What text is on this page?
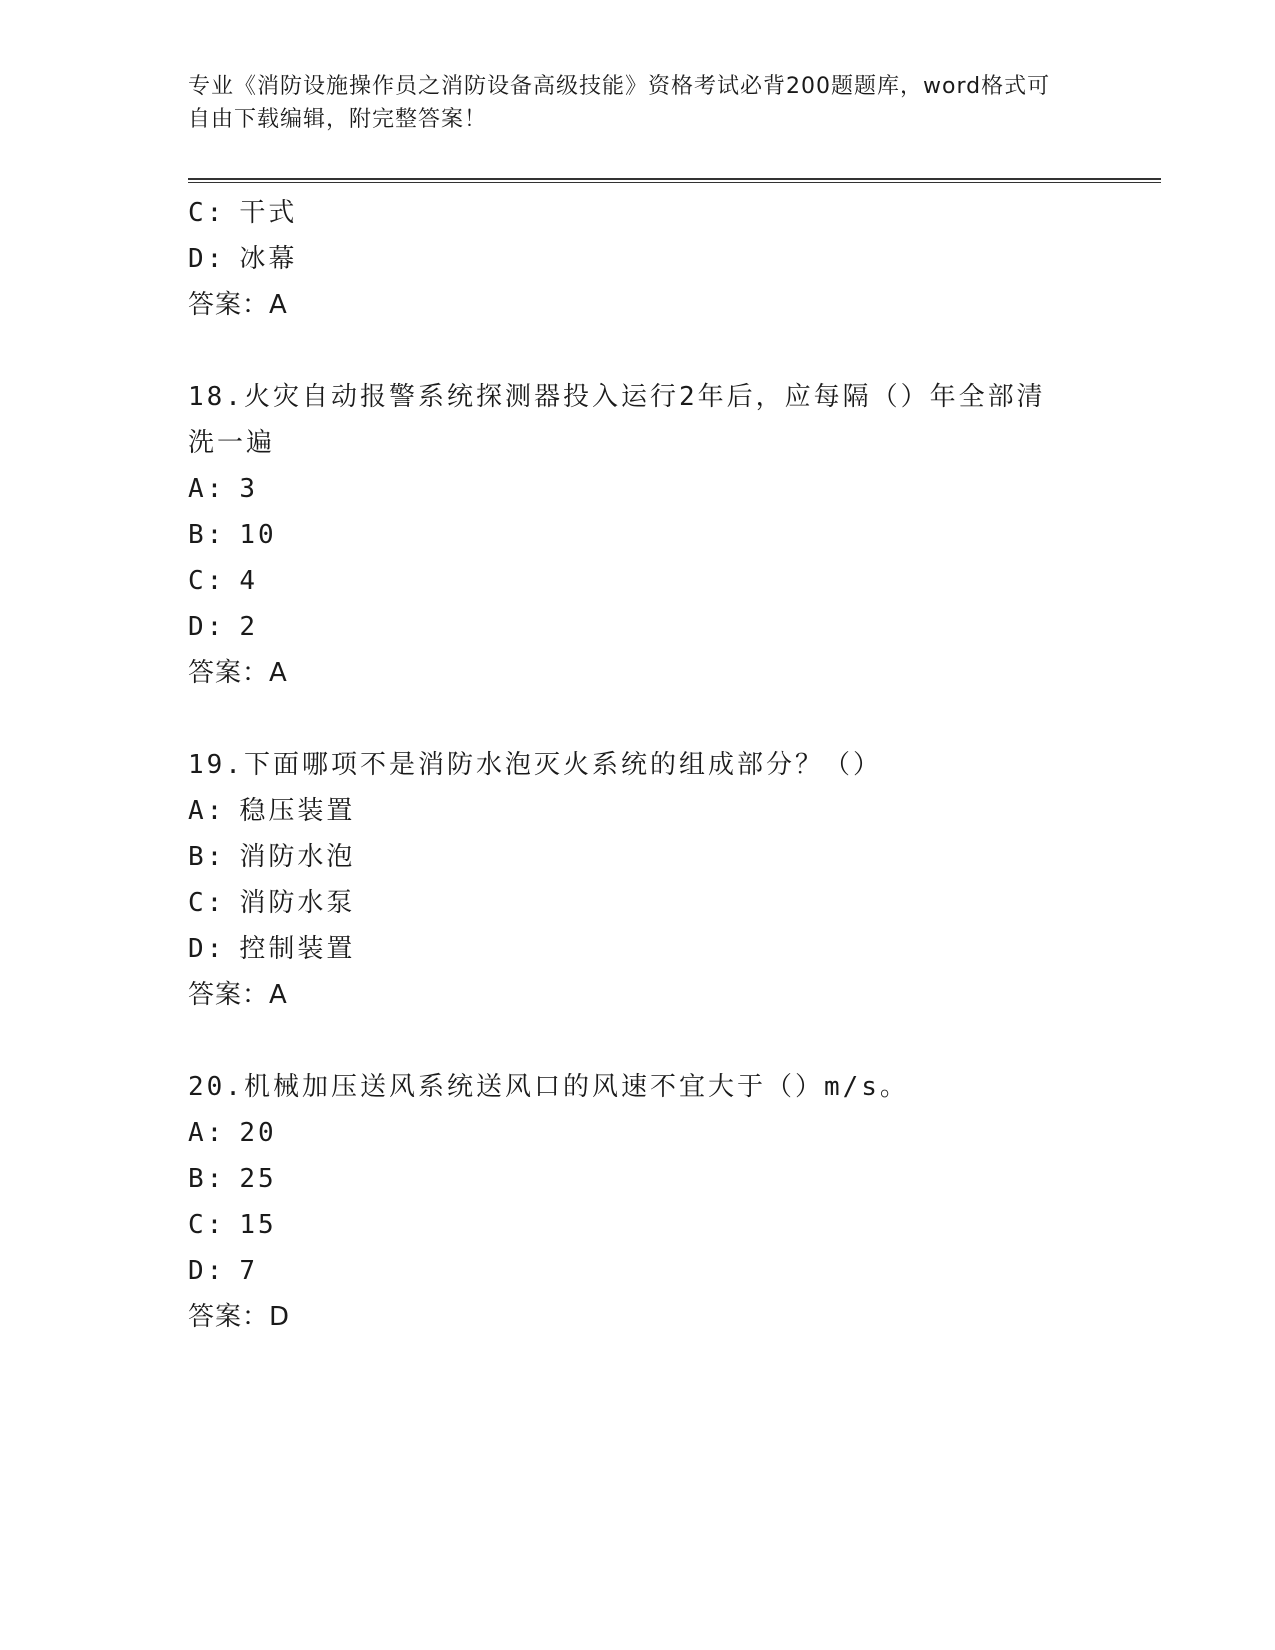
专业《消防设施操作员之消防设备高级技能》资格考试必背200题题库，word格式可自由下载编辑，附完整答案！
C: 干式
D: 冰幕
答案：A
18.火灾自动报警系统探测器投入运行2年后，应每隔（）年全部清洗一遍
A: 3
B: 10
C: 4
D: 2
答案：A
19.下面哪项不是消防水泡灭火系统的组成部分？（）
A: 稳压装置
B: 消防水泡
C: 消防水泵
D: 控制装置
答案：A
20.机械加压送风系统送风口的风速不宜大于（）m/s。
A: 20
B: 25
C: 15
D: 7
答案：D
